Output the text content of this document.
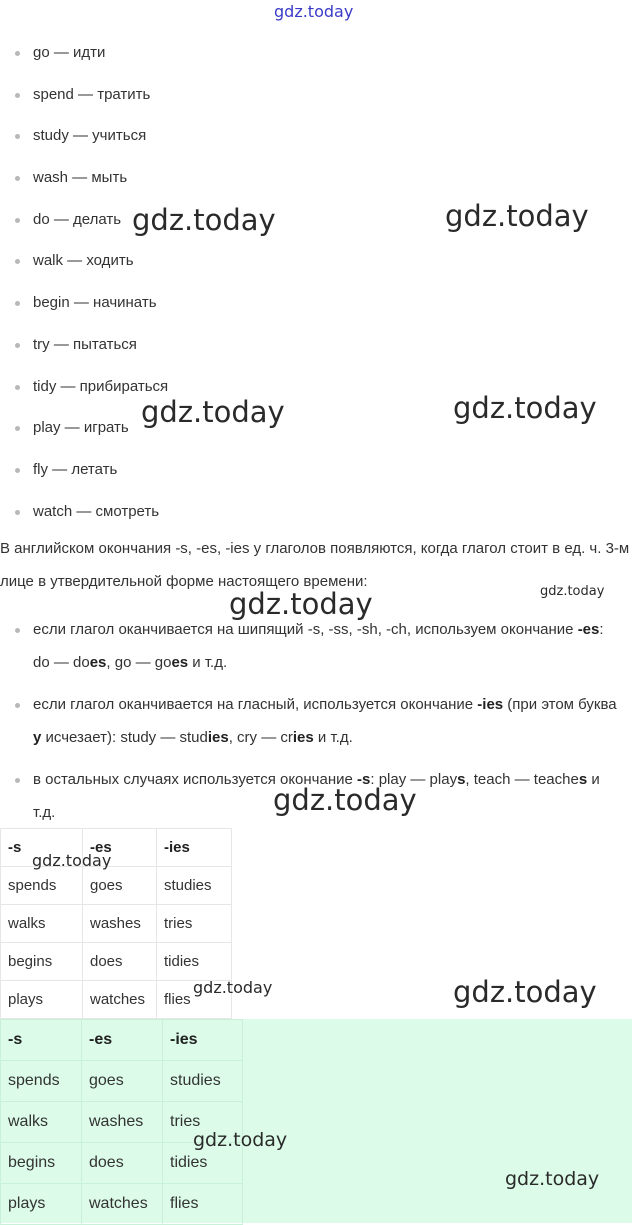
gdz.today
go — идти
spend — тратить
study — учиться
wash — мыть
do — делать
walk — ходить
begin — начинать
try — пытаться
tidy — прибираться
play — играть
fly — летать
watch — смотреть
В английском окончания -s, -es, -ies у глаголов появляются, когда глагол стоит в ед. ч. 3-м лице в утвердительной форме настоящего времени:
если глагол оканчивается на шипящий -s, -ss, -sh, -ch, используем окончание -es: do — does, go — goes и т.д.
если глагол оканчивается на гласный, используется окончание -ies (при этом буква y исчезает): study — studies, cry — cries и т.д.
в остальных случаях используется окончание -s: play — plays, teach — teaches и т.д.
-s	-es	-ies
spends	goes	studies
walks	washes	tries
begins	does	tidies
plays	watches	flies
-s	-es	-ies
spends	goes	studies
walks	washes	tries
begins	does	tidies
plays	watches	flies
gdz.today	gdz.today
gdz.today	gdz.today
gdz.today	gdz.today
gdz.today
gdz.today
gdz.today	gdz.today
gdz.today
gdz.today
